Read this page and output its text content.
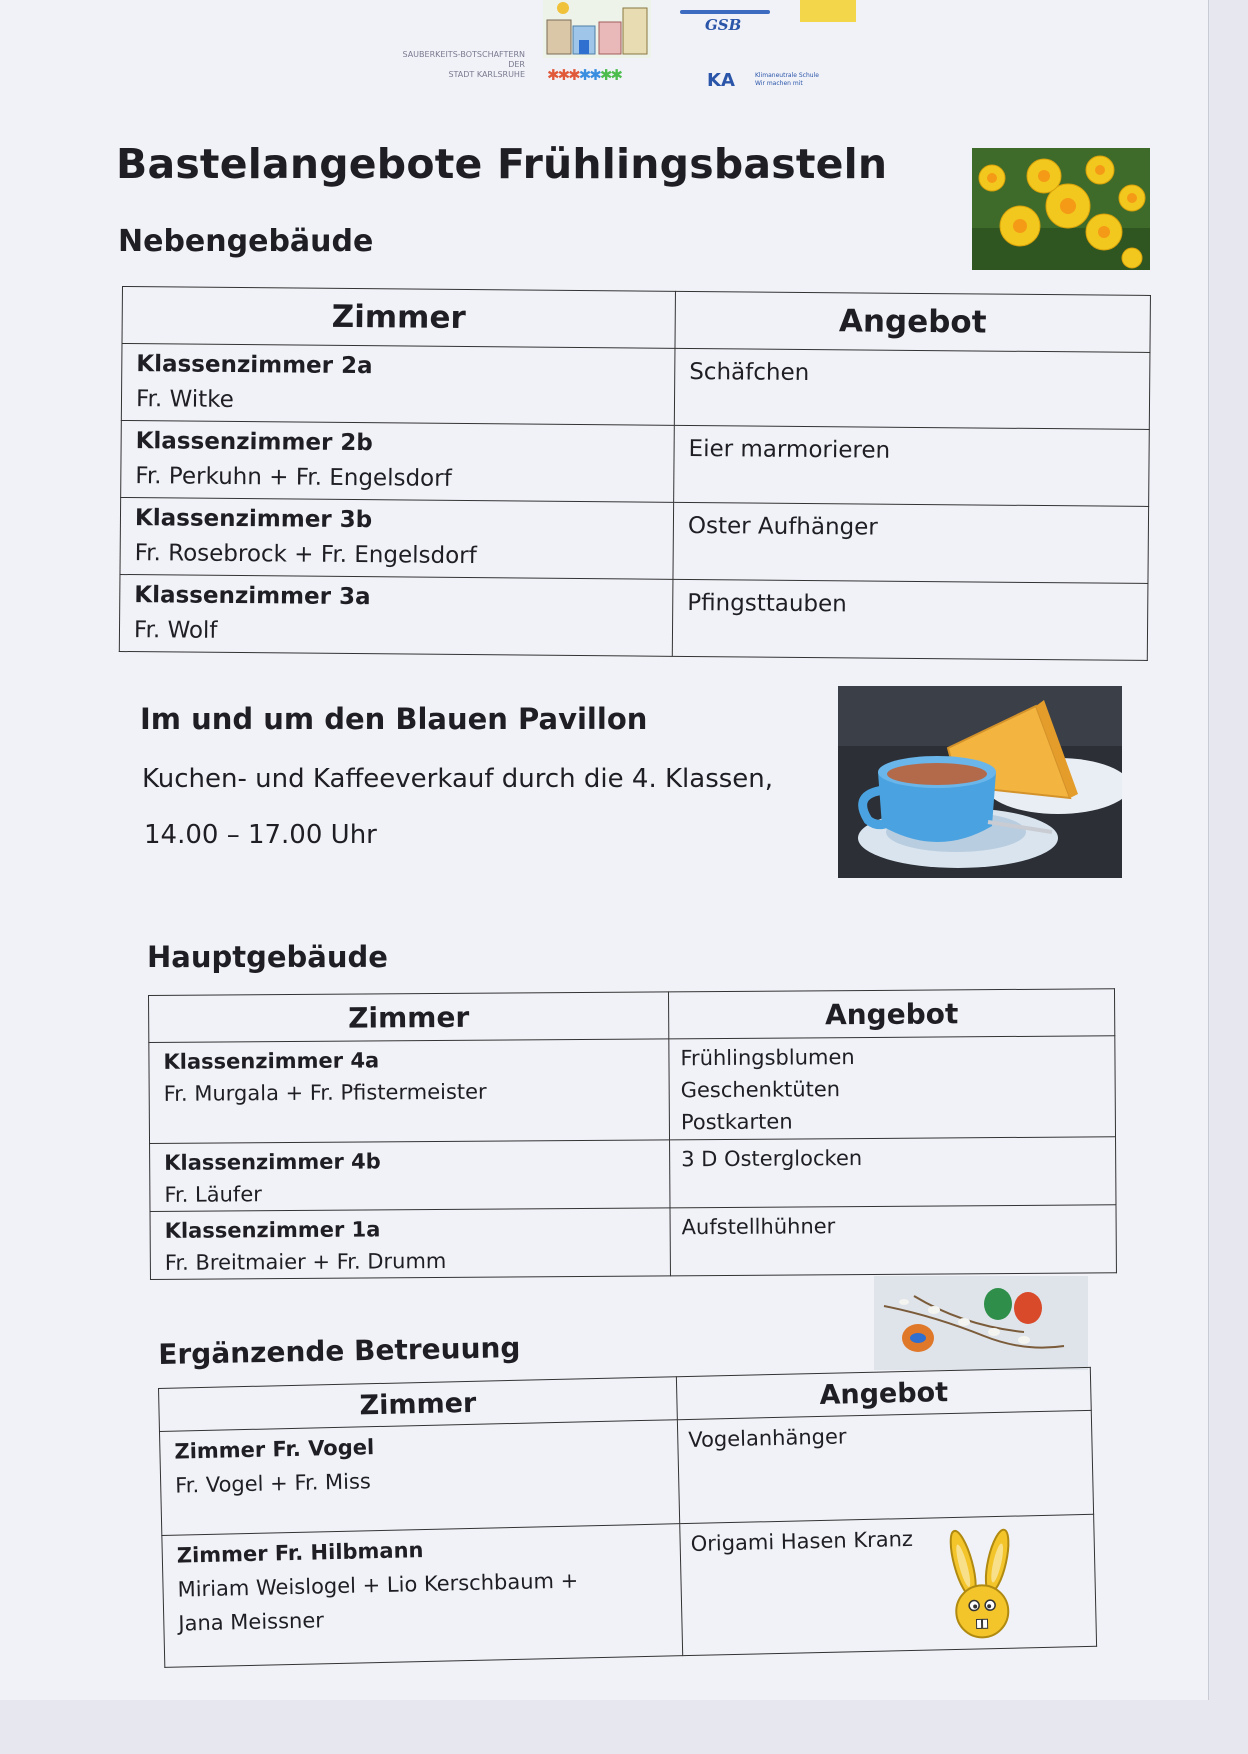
SAUBERKEITS-BOTSCHAFTERN
DER
STADT KARLSRUHE ✱✱✱✱✱✱✱
GSB
KA	Klimaneutrale Schule
Wir machen mit
Bastelangebote Frühlingsbasteln
Nebengebäude
Zimmer	Angebot

Klassenzimmer 2a
Fr. Witke	Schäfchen

Klassenzimmer 2b
Fr. Perkuhn + Fr. Engelsdorf	Eier marmorieren

Klassenzimmer 3b
Fr. Rosebrock + Fr. Engelsdorf	Oster Aufhänger

Klassenzimmer 3a
Fr. Wolf	Pfingsttauben
Im und um den Blauen Pavillon
Kuchen- und Kaffeeverkauf durch die 4. Klassen,
14.00 – 17.00 Uhr
Hauptgebäude
Zimmer	Angebot

Klassenzimmer 4a
Fr. Murgala + Fr. Pfistermeister	Frühlingsblumen
Geschenktüten
Postkarten

Klassenzimmer 4b
Fr. Läufer	3 D Osterglocken

Klassenzimmer 1a
Fr. Breitmaier + Fr. Drumm	Aufstellhühner
Ergänzende Betreuung
Zimmer	Angebot

Zimmer Fr. Vogel
Fr. Vogel + Fr. Miss	Vogelanhänger

Zimmer Fr. Hilbmann
Miriam Weislogel + Lio Kerschbaum +
Jana Meissner	Origami Hasen Kranz
